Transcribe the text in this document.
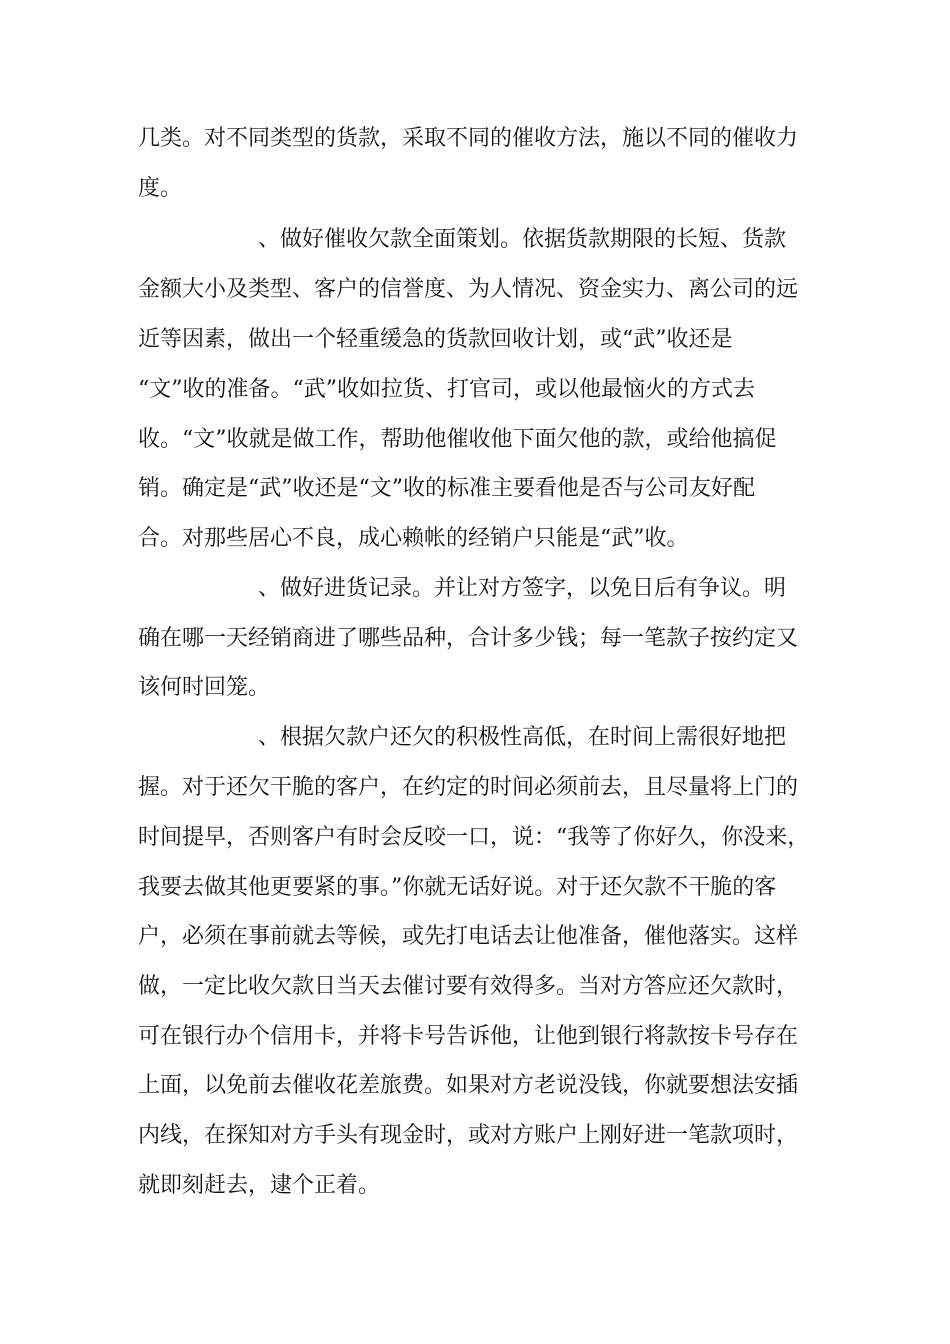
几类。对不同类型的货款，采取不同的催收方法，施以不同的催收力
度。
、做好催收欠款全面策划。依据货款期限的长短、货款
金额大小及类型、客户的信誉度、为人情况、资金实力、离公司的远
近等因素，做出一个轻重缓急的货款回收计划，或“武”收还是
“文”收的准备。“武”收如拉货、打官司，或以他最恼火的方式去
收。“文”收就是做工作，帮助他催收他下面欠他的款，或给他搞促
销。确定是“武”收还是“文”收的标准主要看他是否与公司友好配
合。对那些居心不良，成心赖帐的经销户只能是“武”收。
、做好进货记录。并让对方签字，以免日后有争议。明
确在哪一天经销商进了哪些品种，合计多少钱；每一笔款子按约定又
该何时回笼。
、根据欠款户还欠的积极性高低，在时间上需很好地把
握。对于还欠干脆的客户，在约定的时间必须前去，且尽量将上门的
时间提早，否则客户有时会反咬一口，说：“我等了你好久，你没来，
我要去做其他更要紧的事。”你就无话好说。对于还欠款不干脆的客
户，必须在事前就去等候，或先打电话去让他准备，催他落实。这样
做，一定比收欠款日当天去催讨要有效得多。当对方答应还欠款时，
可在银行办个信用卡，并将卡号告诉他，让他到银行将款按卡号存在
上面，以免前去催收花差旅费。如果对方老说没钱，你就要想法安插
内线，在探知对方手头有现金时，或对方账户上刚好进一笔款项时，
就即刻赶去，逮个正着。
